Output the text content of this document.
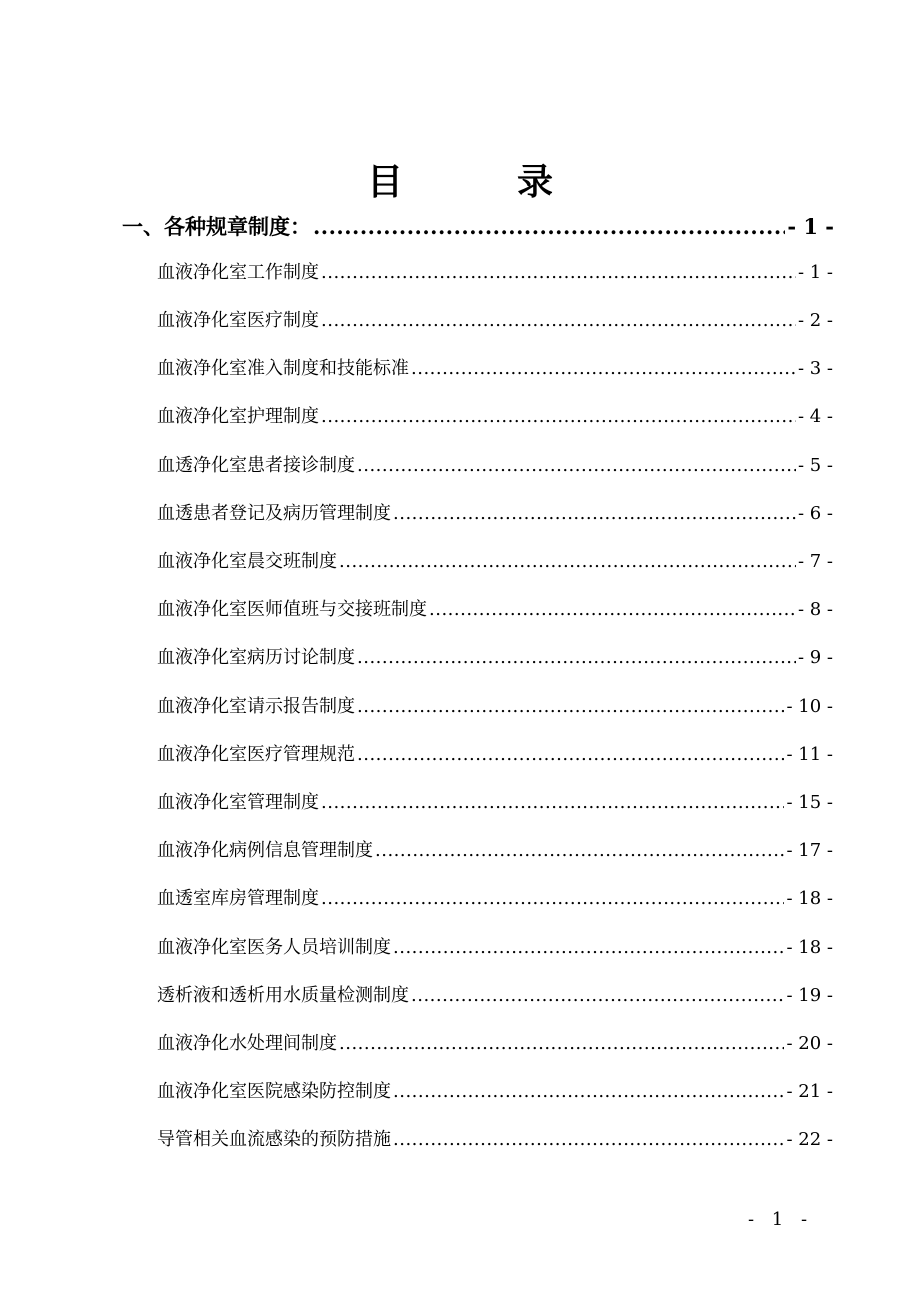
目	录
一、各种规章制度： .....	- 1 -
血液净化室工作制度 .....	- 1 -
血液净化室医疗制度 .....	- 2 -
血液净化室准入制度和技能标准 .....	- 3 -
血液净化室护理制度 .....	- 4 -
血透净化室患者接诊制度 .....	- 5 -
血透患者登记及病历管理制度 .....	- 6 -
血液净化室晨交班制度 .....	- 7 -
血液净化室医师值班与交接班制度 .....	- 8 -
血液净化室病历讨论制度 .....	- 9 -
血液净化室请示报告制度 .....	- 10 -
血液净化室医疗管理规范 .....	- 11 -
血液净化室管理制度 .....	- 15 -
血液净化病例信息管理制度 .....	- 17 -
血透室库房管理制度 .....	- 18 -
血液净化室医务人员培训制度 .....	- 18 -
透析液和透析用水质量检测制度 .....	- 19 -
血液净化水处理间制度 .....	- 20 -
血液净化室医院感染防控制度 .....	- 21 -
导管相关血流感染的预防措施 .....	- 22 -
- 1 -
